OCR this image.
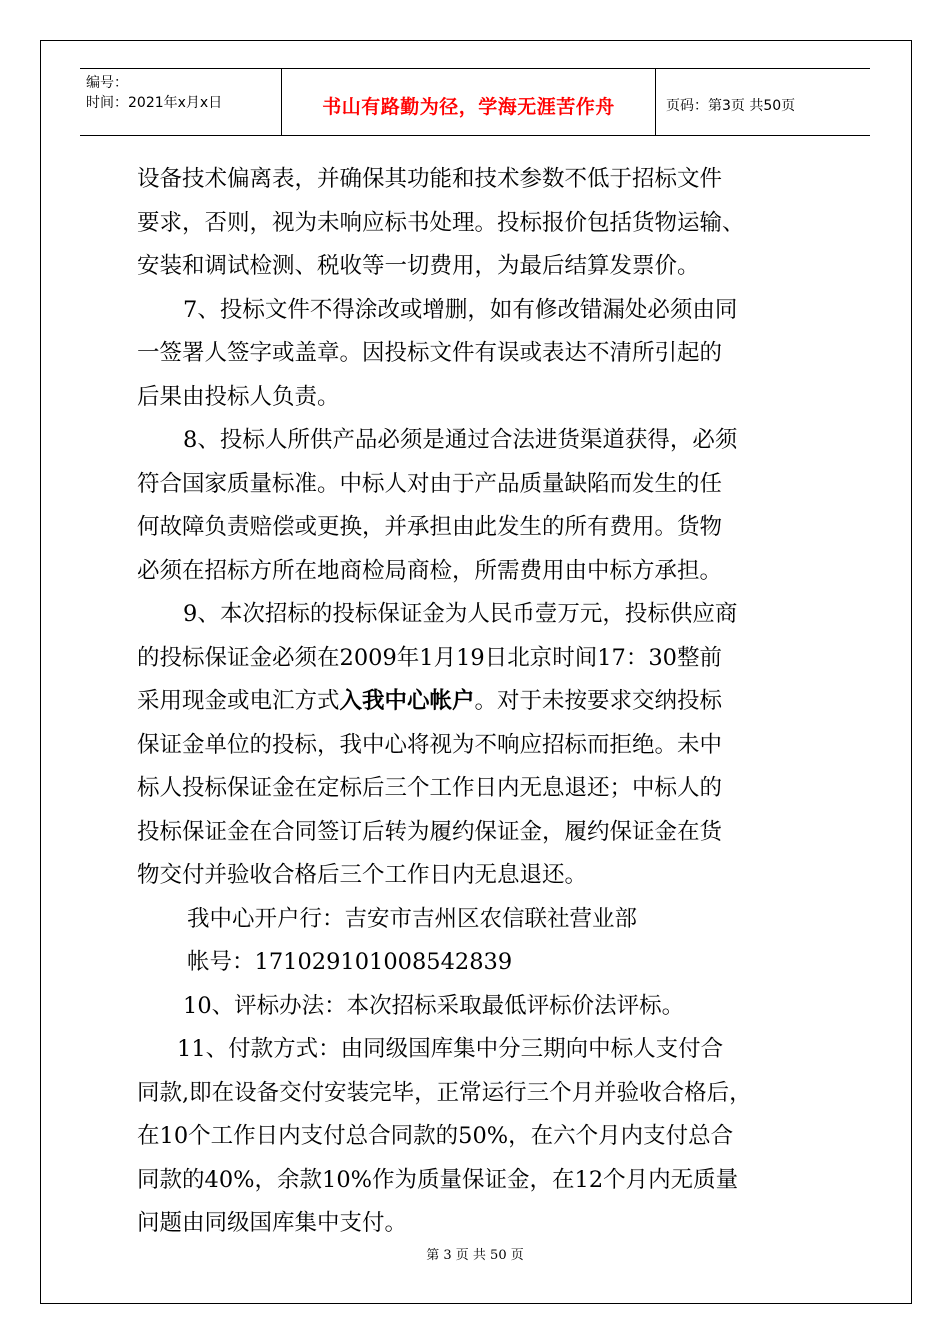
编号：
时间：2021年x月x日	书山有路勤为径，学海无涯苦作舟	页码：第3页 共50页

设备技术偏离表，并确保其功能和技术参数不低于招标文件

要求，否则，视为未响应标书处理。投标报价包括货物运输、

安装和调试检测、税收等一切费用，为最后结算发票价。

7、投标文件不得涂改或增删，如有修改错漏处必须由同

一签署人签字或盖章。因投标文件有误或表达不清所引起的

后果由投标人负责。

8、投标人所供产品必须是通过合法进货渠道获得，必须

符合国家质量标准。中标人对由于产品质量缺陷而发生的任

何故障负责赔偿或更换，并承担由此发生的所有费用。货物

必须在招标方所在地商检局商检，所需费用由中标方承担。

9、本次招标的投标保证金为人民币壹万元，投标供应商

的投标保证金必须在2009年1月19日北京时间17：30整前

采用现金或电汇方式入我中心帐户。对于未按要求交纳投标

保证金单位的投标，我中心将视为不响应招标而拒绝。未中

标人投标保证金在定标后三个工作日内无息退还；中标人的

投标保证金在合同签订后转为履约保证金，履约保证金在货

物交付并验收合格后三个工作日内无息退还。

我中心开户行：吉安市吉州区农信联社营业部

帐号：171029101008542839

10、评标办法：本次招标采取最低评标价法评标。

11、付款方式：由同级国库集中分三期向中标人支付合

同款,即在设备交付安装完毕，正常运行三个月并验收合格后，

在10个工作日内支付总合同款的50%，在六个月内支付总合

同款的40%，余款10%作为质量保证金，在12个月内无质量

问题由同级国库集中支付。

第 3 页 共 50 页
